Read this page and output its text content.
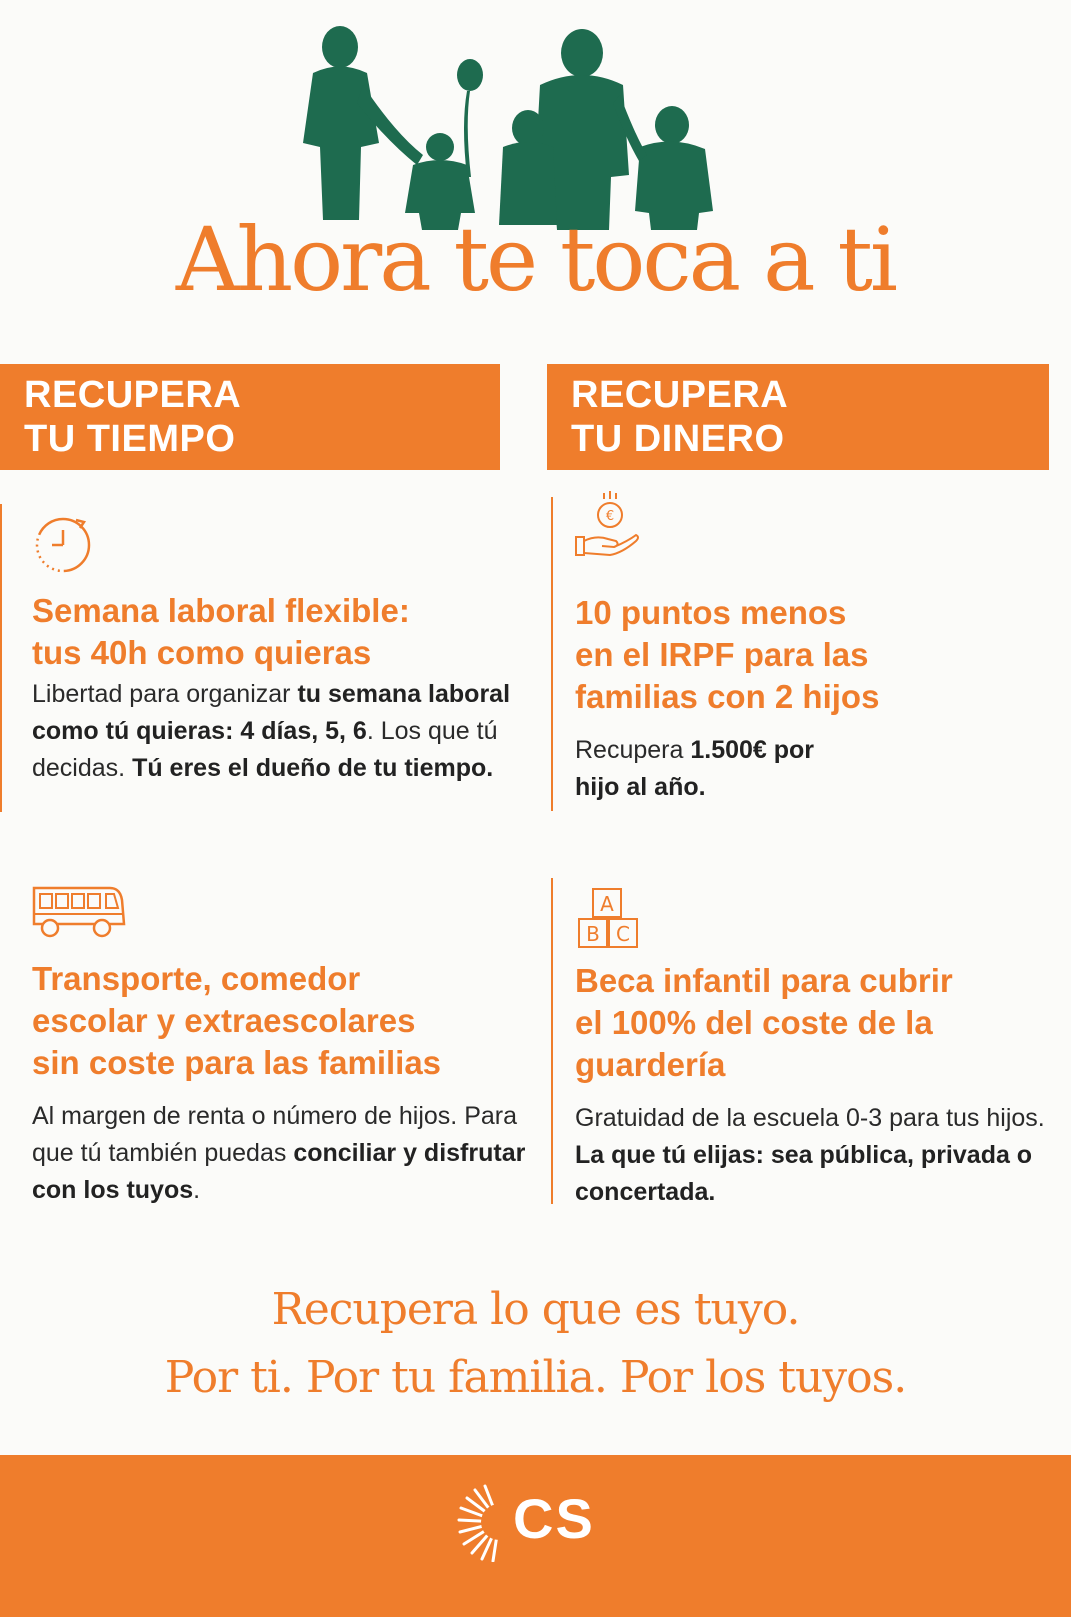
Ahora te toca a ti
RECUPERA
TU TIEMPO
RECUPERA
TU DINERO

Semana laboral flexible:
tus 40h como quieras

Libertad para organizar tu semana laboral como tú quieras: 4 días, 5, 6. Los que tú decidas. Tú eres el dueño de tu tiempo.

€

10 puntos menos
en el IRPF para las
familias con 2 hijos

Recupera 1.500€ por hijo al año.

Transporte, comedor
escolar y extraescolares
sin coste para las familias

Al margen de renta o número de hijos. Para que tú también puedas conciliar y disfrutar con los tuyos.

A
B C

Beca infantil para cubrir
el 100% del coste de la
guardería

Gratuidad de la escuela 0-3 para tus hijos. La que tú elijas: sea pública, privada o concertada.

Recupera lo que es tuyo.
Por ti. Por tu familia. Por los tuyos.
CS
